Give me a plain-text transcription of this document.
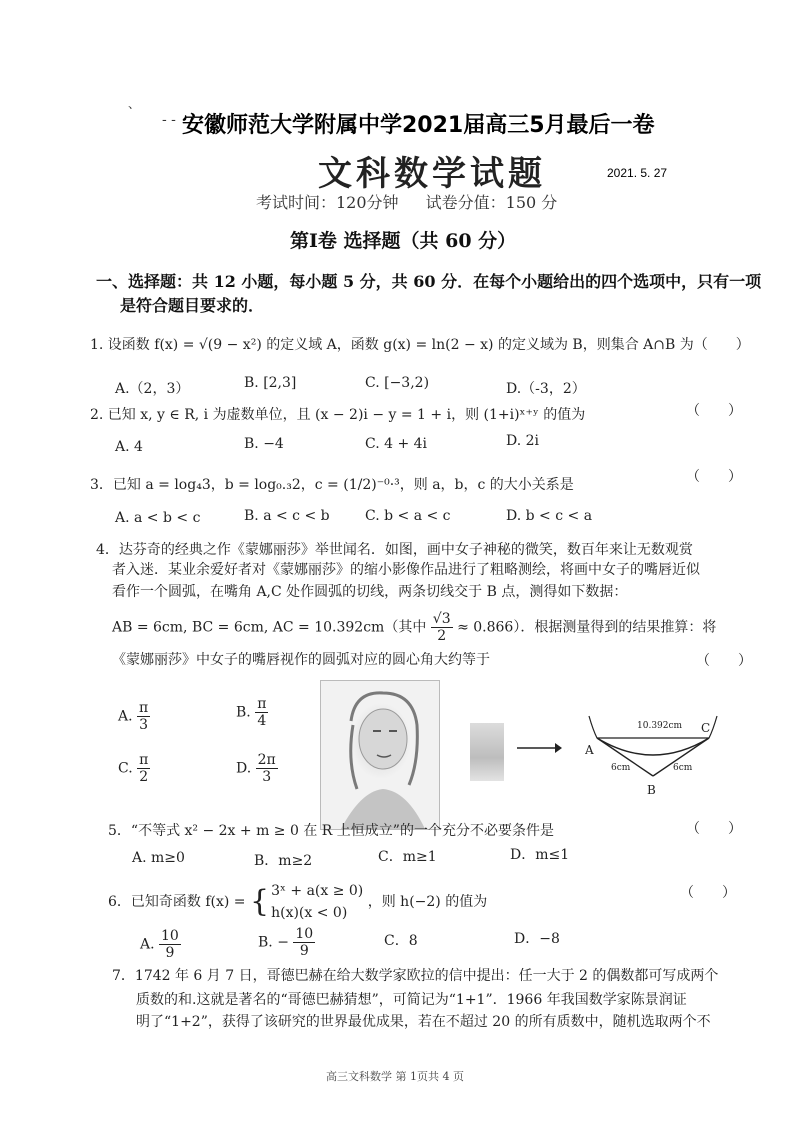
、
- - 安徽师范大学附属中学2021届高三5月最后一卷
文科数学试题	2021. 5. 27
考试时间：120分钟 试卷分值：150 分
第Ⅰ卷 选择题（共 60 分）
一、选择题：共 12 小题，每小题 5 分，共 60 分．在每个小题给出的四个选项中，只有一项
是符合题目要求的．
1. 设函数 f(x) = √(9 − x²) 的定义域 A，函数 g(x) = ln(2 − x) 的定义域为 B，则集合 A∩B 为（　　）
A.（2，3）	B. [2,3]	C. [−3,2)	D.（-3，2）
2. 已知 x, y ∈ R, i 为虚数单位，且 (x − 2)i − y = 1 + i，则 (1+i)ˣ⁺ʸ 的值为	（　　）
A. 4	B. −4	C. 4 + 4i	D. 2i
3．已知 a = log₄3，b = log₀.₃2，c = (1/2)⁻⁰·³，则 a，b，c 的大小关系是	（　　）
A. a < b < c	B. a < c < b	C. b < a < c	D. b < c < a
4．达芬奇的经典之作《蒙娜丽莎》举世闻名．如图，画中女子神秘的微笑，数百年来让无数观赏
者入迷．某业余爱好者对《蒙娜丽莎》的缩小影像作品进行了粗略测绘，将画中女子的嘴唇近似
看作一个圆弧，在嘴角 A,C 处作圆弧的切线，两条切线交于 B 点，测得如下数据：
AB = 6cm, BC = 6cm, AC = 10.392cm（其中 $\frac{√3}{2} \approx 0.866$）．根据测量得到的结果推算：将
《蒙娜丽莎》中女子的嘴唇视作的圆弧对应的圆心角大约等于	（　　）
A. $\frac{\pi}{3}$	B. $\frac{\pi}{4}$
C. $\frac{\pi}{2}$	D. $\frac{2\pi}{3}$
10.392cm
A
C
B
6cm	6cm
5．“不等式 x² − 2x + m ≥ 0 在 R 上恒成立”的一个充分不必要条件是	（　　）
A. m≥0	B．m≥2	C．m≥1	D．m≤1
6．已知奇函数 f(x) = { 3ˣ + a(x ≥ 0)
h(x)(x < 0)
，则 h(−2) 的值为
（　　）
A. $\frac{10}{9}$	B. − $\frac{10}{9}$	C．8	D．−8
7．1742 年 6 月 7 日，哥德巴赫在给大数学家欧拉的信中提出：任一大于 2 的偶数都可写成两个
质数的和.这就是著名的“哥德巴赫猜想”，可简记为“1+1”．1966 年我国数学家陈景润证
明了“1+2”，获得了该研究的世界最优成果，若在不超过 20 的所有质数中，随机选取两个不
高三文科数学 第 1页共 4 页
